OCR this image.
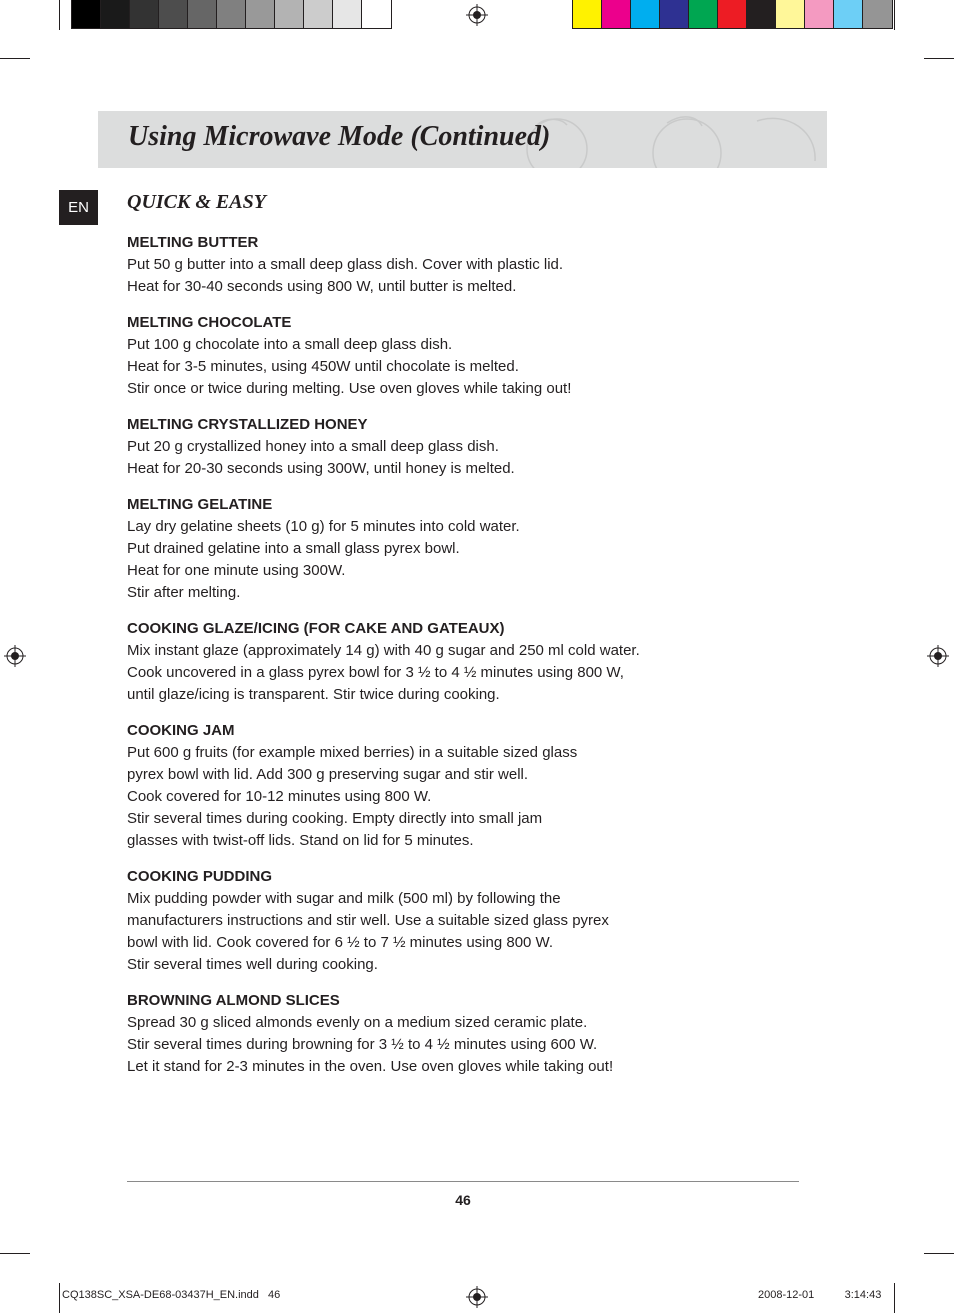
Using Microwave Mode (Continued)
EN	QUICK & EASY
MELTING BUTTER

Put 50 g butter into a small deep glass dish. Cover with plastic lid.

Heat for 30-40 seconds using 800 W, until butter is melted.

MELTING CHOCOLATE

Put 100 g chocolate into a small deep glass dish.

Heat for 3-5 minutes, using 450W until chocolate is melted.

Stir once or twice during melting. Use oven gloves while taking out!

MELTING CRYSTALLIZED HONEY

Put 20 g crystallized honey into a small deep glass dish.

Heat for 20-30 seconds using 300W, until honey is melted.

MELTING GELATINE

Lay dry gelatine sheets (10 g) for 5 minutes into cold water.

Put drained gelatine into a small glass pyrex bowl.

Heat for one minute using 300W.

Stir after melting.

COOKING GLAZE/ICING (FOR CAKE AND GATEAUX)

Mix instant glaze (approximately 14 g) with 40 g sugar and 250 ml cold water.

Cook uncovered in a glass pyrex bowl for 3 ½ to 4 ½ minutes using 800 W,

until glaze/icing is transparent. Stir twice during cooking.

COOKING JAM

Put 600 g fruits (for example mixed berries) in a suitable sized glass

pyrex bowl with lid. Add 300 g preserving sugar and stir well.

Cook covered for 10-12 minutes using 800 W.

Stir several times during cooking. Empty directly into small jam

glasses with twist-off lids. Stand on lid for 5 minutes.

COOKING PUDDING

Mix pudding powder with sugar and milk (500 ml) by following the

manufacturers instructions and stir well. Use a suitable sized glass pyrex

bowl with lid. Cook covered for 6 ½ to 7 ½ minutes using 800 W.

Stir several times well during cooking.

BROWNING ALMOND SLICES

Spread 30 g sliced almonds evenly on a medium sized ceramic plate.

Stir several times during browning for 3 ½ to 4 ½ minutes using 600 W.

Let it stand for 2-3 minutes in the oven. Use oven gloves while taking out!

46
CQ138SC_XSA-DE68-03437H_EN.indd   46	2008-12-01	3:14:43
